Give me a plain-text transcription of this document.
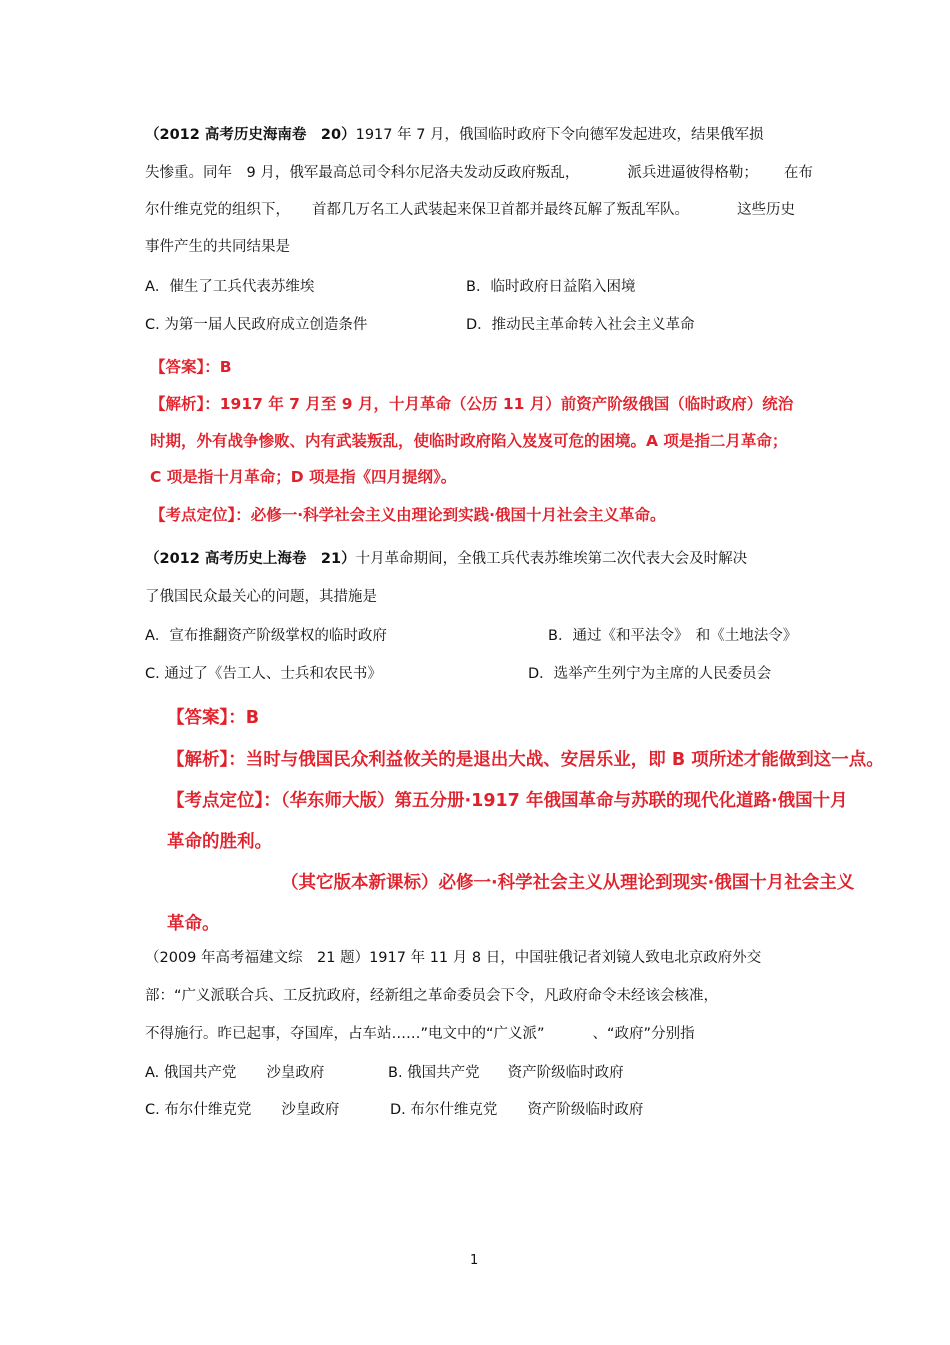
（2012 高考历史海南卷　20）1917 年 7 月，俄国临时政府下令向德军发起进攻，结果俄军损
失惨重。同年　9 月，俄军最高总司令科尔尼洛夫发动反政府叛乱，	派兵进逼彼得格勒； 在布
尔什维克党的组织下， 首都几万名工人武装起来保卫首都并最终瓦解了叛乱军队。	这些历史
事件产生的共同结果是
A．催生了工兵代表苏维埃	B．临时政府日益陷入困境
C. 为第一届人民政府成立创造条件	D．推动民主革命转入社会主义革命
【答案】：B
【解析】：1917 年 7 月至 9 月，十月革命（公历 11 月）前资产阶级俄国（临时政府）统治
时期，外有战争惨败、内有武装叛乱，使临时政府陷入岌岌可危的困境。A 项是指二月革命；
C 项是指十月革命；D 项是指《四月提纲》。
【考点定位】：必修一·科学社会主义由理论到实践·俄国十月社会主义革命。
（2012 高考历史上海卷　21）十月革命期间，全俄工兵代表苏维埃第二次代表大会及时解决
了俄国民众最关心的问题，其措施是
A．宣布推翻资产阶级掌权的临时政府	B．通过《和平法令》　和《土地法令》
C. 通过了《告工人、士兵和农民书》	D．选举产生列宁为主席的人民委员会
【答案】：B
【解析】：当时与俄国民众利益攸关的是退出大战、安居乐业，即 B 项所述才能做到这一点。
【考点定位】：（华东师大版）第五分册·1917 年俄国革命与苏联的现代化道路·俄国十月
革命的胜利。
（其它版本新课标）必修一·科学社会主义从理论到现实·俄国十月社会主义
革命。
（2009 年高考福建文综　21 题）1917 年 11 月 8 日，中国驻俄记者刘镜人致电北京政府外交
部：“广义派联合兵、工反抗政府，经新组之革命委员会下令，凡政府命令未经该会核准，
不得施行。昨已起事，夺国库，占车站……”电文中的“广义派”	、“政府”分别指
A. 俄国共产党 沙皇政府	B. 俄国共产党 资产阶级临时政府
C. 布尔什维克党 沙皇政府	D. 布尔什维克党 资产阶级临时政府
1
